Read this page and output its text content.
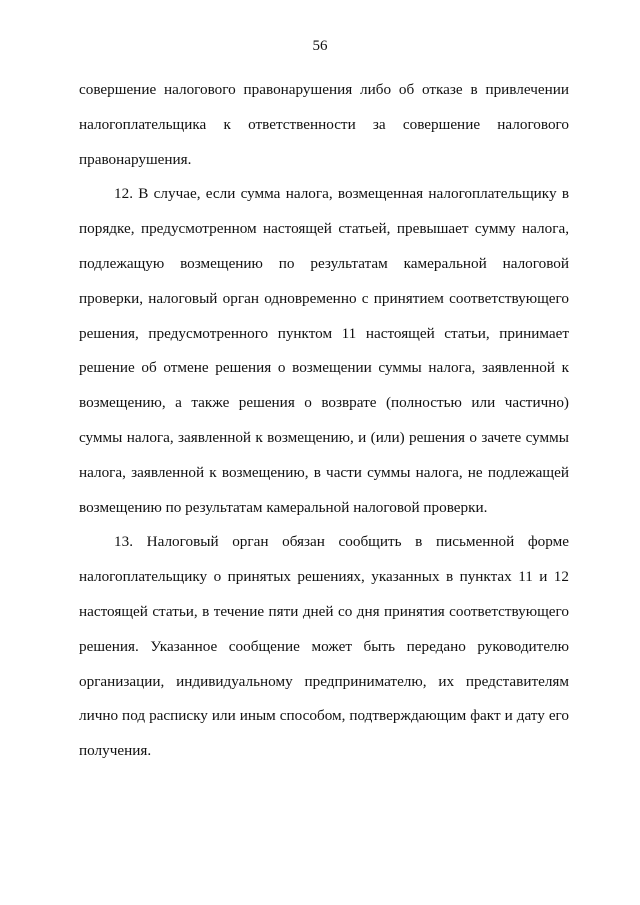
56

совершение налогового правонарушения либо об отказе в привлечении налогоплательщика к ответственности за совершение налогового правонарушения.

12. В случае, если сумма налога, возмещенная налогоплательщику в порядке, предусмотренном настоящей статьей, превышает сумму налога, подлежащую возмещению по результатам камеральной налоговой проверки, налоговый орган одновременно с принятием соответствующего решения, предусмотренного пунктом 11 настоящей статьи, принимает решение об отмене решения о возмещении суммы налога, заявленной к возмещению, а также решения о возврате (полностью или частично) суммы налога, заявленной к возмещению, и (или) решения о зачете суммы налога, заявленной к возмещению, в части суммы налога, не подлежащей возмещению по результатам камеральной налоговой проверки.

13. Налоговый орган обязан сообщить в письменной форме налогоплательщику о принятых решениях, указанных в пунктах 11 и 12 настоящей статьи, в течение пяти дней со дня принятия соответствующего решения. Указанное сообщение может быть передано руководителю организации, индивидуальному предпринимателю, их представителям лично под расписку или иным способом, подтверждающим факт и дату его получения.
